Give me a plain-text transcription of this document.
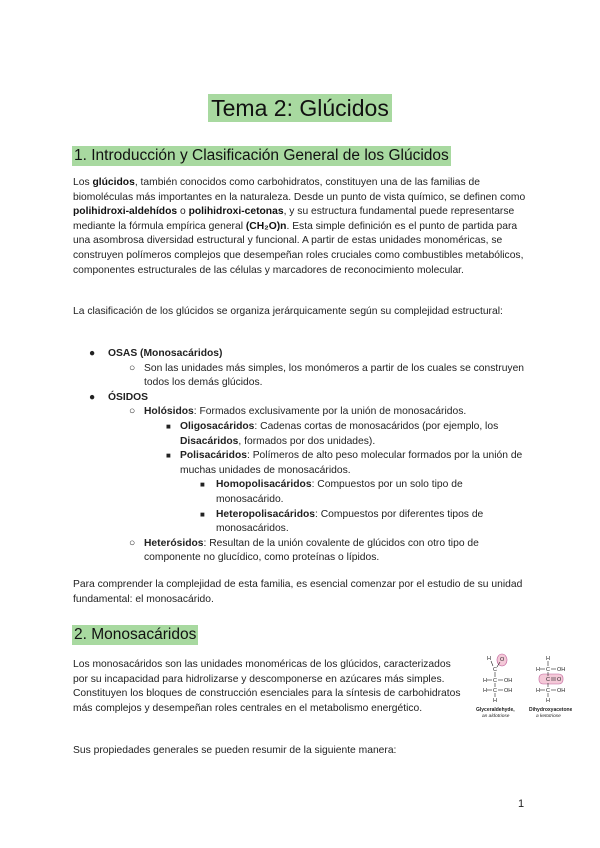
Tema 2: Glúcidos
1. Introducción y Clasificación General de los Glúcidos
Los glúcidos, también conocidos como carbohidratos, constituyen una de las familias de biomoléculas más importantes en la naturaleza. Desde un punto de vista químico, se definen como polihidroxi-aldehídos o polihidroxi-cetonas, y su estructura fundamental puede representarse mediante la fórmula empírica general (CH₂O)n. Esta simple definición es el punto de partida para una asombrosa diversidad estructural y funcional. A partir de estas unidades monoméricas, se construyen polímeros complejos que desempeñan roles cruciales como combustibles metabólicos, componentes estructurales de las células y marcadores de reconocimiento molecular.
La clasificación de los glúcidos se organiza jerárquicamente según su complejidad estructural:
● OSAS (Monosacáridos)
○ Son las unidades más simples, los monómeros a partir de los cuales se construyen todos los demás glúcidos.
● ÓSIDOS
○ Holósidos: Formados exclusivamente por la unión de monosacáridos.
■ Oligosacáridos: Cadenas cortas de monosacáridos (por ejemplo, los Disacáridos, formados por dos unidades).
■ Polisacáridos: Polímeros de alto peso molecular formados por la unión de muchas unidades de monosacáridos.
■ Homopolisacáridos: Compuestos por un solo tipo de monosacárido.
■ Heteropolisacáridos: Compuestos por diferentes tipos de monosacáridos.
○ Heterósidos: Resultan de la unión covalente de glúcidos con otro tipo de componente no glucídico, como proteínas o lípidos.
Para comprender la complejidad de esta familia, es esencial comenzar por el estudio de su unidad fundamental: el monosacárido.
2. Monosacáridos
Los monosacáridos son las unidades monoméricas de los glúcidos, caracterizados por su incapacidad para hidrolizarse y descomponerse en azúcares más simples. Constituyen los bloques de construcción esenciales para la síntesis de carbohidratos más complejos y desempeñan roles centrales en el metabolismo energético.
Sus propiedades generales se pueden resumir de la siguiente manera:
H
C
O
H C OH
H C OH
H
Glyceraldehyde,
an aldotriose
H
H C OH
C O
H C OH
H
Dihydroxyacetone
a ketotriose
1
